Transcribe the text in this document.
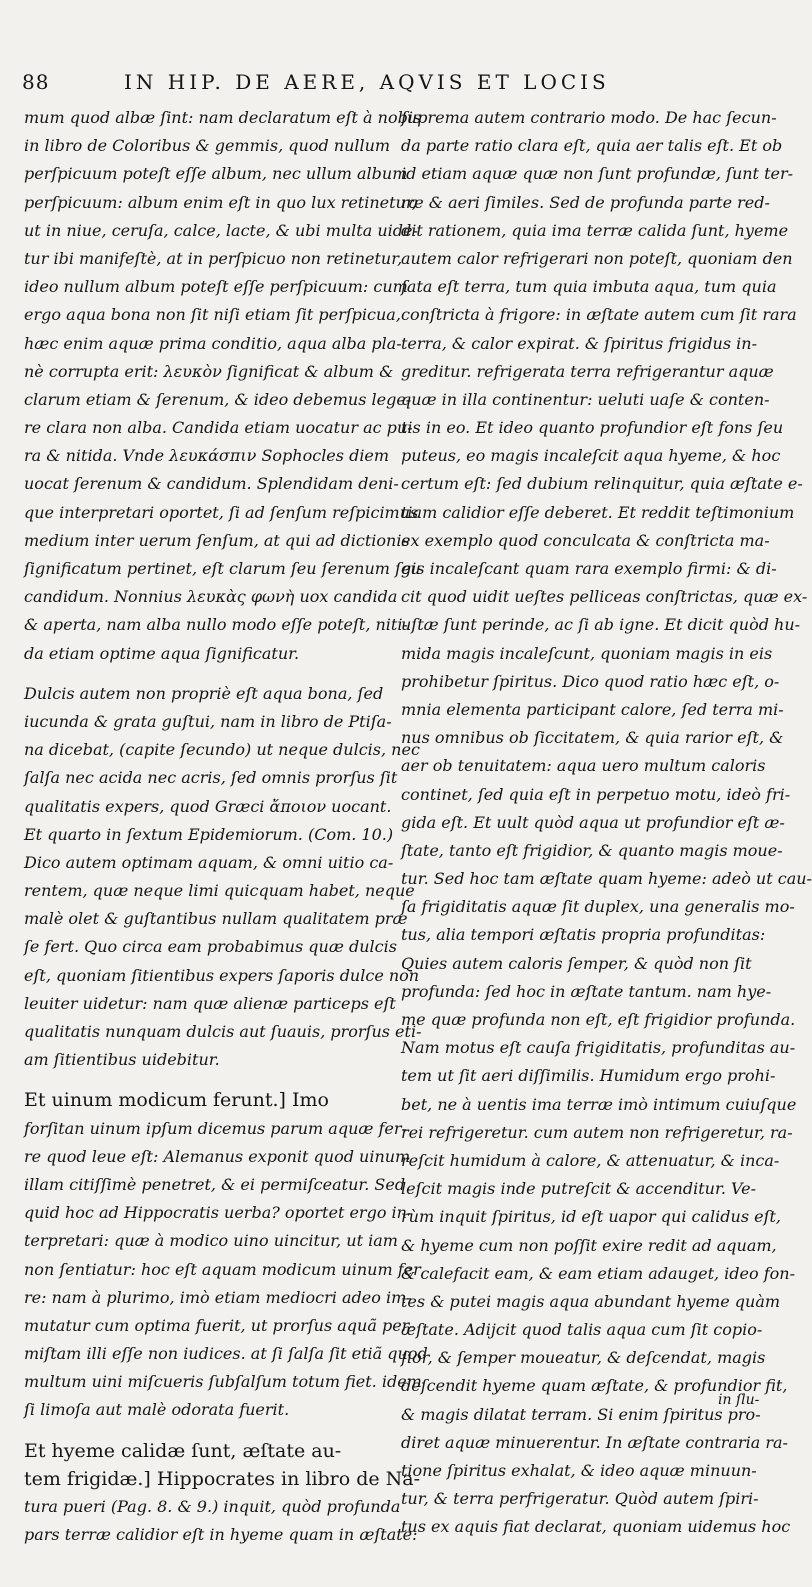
88	IN HIP. DE AERE, AQVIS ET LOCIS
mum quod albæ ſint: nam declaratum eſt à nobis
in libro de Coloribus & gemmis, quod nullum
perſpicuum poteſt eſſe album, nec ullum album
perſpicuum: album enim eſt in quo lux retinetur,
ut in niue, ceruſa, calce, lacte, & ubi multa uide-
tur ibi manifeſtè, at in perſpicuo non retinetur,
ideo nullum album poteſt eſſe perſpicuum: cum
ergo aqua bona non ſit niſi etiam ſit perſpicua,
hæc enim aquæ prima conditio, aqua alba pla-
nè corrupta erit: λευκὸν ſignificat & album &
clarum etiam & ſerenum, & ideo debemus lege-
re clara non alba. Candida etiam uocatur ac pu-
ra & nitida. Vnde λευκάσπιν Sophocles diem
uocat ſerenum & candidum. Splendidam deni-
que interpretari oportet, ſi ad ſenſum reſpicimus
medium inter uerum ſenſum, at qui ad dictionis
ſignificatum pertinet, eſt clarum ſeu ſerenum ſeu
candidum. Nonnius λευκὰς φωνὴ uox candida
& aperta, nam alba nullo modo eſſe poteſt, niti-
da etiam optime aqua ſignificatur.
Dulcis autem non propriè eſt aqua bona, ſed
iucunda & grata guſtui, nam in libro de Ptiſa-
na dicebat, (capite ſecundo) ut neque dulcis, nec
ſalſa nec acida nec acris, ſed omnis prorſus ſit
qualitatis expers, quod Græci ἄποιον uocant.
Et quarto in ſextum Epidemiorum. (Com. 10.)
Dico autem optimam aquam, & omni uitio ca-
rentem, quæ neque limi quicquam habet, neque
malè olet & guſtantibus nullam qualitatem præ
ſe fert. Quo circa eam probabimus quæ dulcis
eſt, quoniam ſitientibus expers ſaporis dulce non
leuiter uidetur: nam quæ alienæ particeps eſt
qualitatis nunquam dulcis aut ſuauis, prorſus eti-
am ſitientibus uidebitur.
Et uinum modicum ferunt.] Imo
forſitan uinum ipſum dicemus parum aquæ fer-
re quod leue eſt: Alemanus exponit quod uinum
illam citiſſimè penetret, & ei permiſceatur. Sed
quid hoc ad Hippocratis uerba? oportet ergo in-
terpretari: quæ à modico uino uincitur, ut iam
non ſentiatur: hoc eſt aquam modicum uinum fer
re: nam à plurimo, imò etiam mediocri adeo im-
mutatur cum optima fuerit, ut prorſus aquã per-
miſtam illi eſſe non iudices. at ſi ſalſa ſit etiã quod
multum uini miſcueris ſubſalſum totum fiet. idem
ſi limoſa aut malè odorata fuerit.
Et hyeme calidæ ſunt, æſtate au-
tem frigidæ.] Hippocrates in libro de Na-
tura pueri (Pag. 8. & 9.) inquit, quòd profunda
pars terræ calidior eſt in hyeme quam in æſtate:
ſuprema autem contrario modo. De hac ſecun-
da parte ratio clara eſt, quia aer talis eſt. Et ob
id etiam aquæ quæ non ſunt profundæ, ſunt ter-
ræ & aeri ſimiles. Sed de profunda parte red-
dit rationem, quia ima terræ calida ſunt, hyeme
autem calor refrigerari non poteſt, quoniam den
ſata eſt terra, tum quia imbuta aqua, tum quia
conſtricta à frigore: in æſtate autem cum ſit rara
terra, & calor expirat. & ſpiritus frigidus in-
greditur. refrigerata terra refrigerantur aquæ
quæ in illa continentur: ueluti uaſe & conten-
tis in eo. Et ideo quanto profundior eſt fons ſeu
puteus, eo magis incaleſcit aqua hyeme, & hoc
certum eſt: ſed dubium relinquitur, quia æſtate e-
tiam calidior eſſe deberet. Et reddit teſtimonium
ex exemplo quod conculcata & conſtricta ma-
gis incaleſcant quam rara exemplo firmi: & di-
cit quod uidit ueſtes pelliceas conſtrictas, quæ ex-
uſtæ ſunt perinde, ac ſi ab igne. Et dicit quòd hu-
mida magis incaleſcunt, quoniam magis in eis
prohibetur ſpiritus. Dico quod ratio hæc eſt, o-
mnia elementa participant calore, ſed terra mi-
nus omnibus ob ſiccitatem, & quia rarior eſt, &
aer ob tenuitatem: aqua uero multum caloris
continet, ſed quia eſt in perpetuo motu, ideò fri-
gida eſt. Et uult quòd aqua ut profundior eſt æ-
ſtate, tanto eſt frigidior, & quanto magis moue-
tur. Sed hoc tam æſtate quam hyeme: adeò ut cau-
ſa frigiditatis aquæ ſit duplex, una generalis mo-
tus, alia tempori æſtatis propria profunditas:
Quies autem caloris ſemper, & quòd non ſit
profunda: ſed hoc in æſtate tantum. nam hye-
me quæ profunda non eſt, eſt frigidior profunda.
Nam motus eſt cauſa frigiditatis, profunditas au-
tem ut ſit aeri diſſimilis. Humidum ergo prohi-
bet, ne à uentis ima terræ imò intimum cuiuſque
rei refrigeretur. cum autem non refrigeretur, ra-
reſcit humidum à calore, & attenuatur, & inca-
leſcit magis inde putreſcit & accenditur. Ve-
rùm inquit ſpiritus, id eſt uapor qui calidus eſt,
& hyeme cum non poſſit exire redit ad aquam,
& calefacit eam, & eam etiam adauget, ideo fon-
tes & putei magis aqua abundant hyeme quàm
æſtate. Adijcit quod talis aqua cum ſit copio-
ſior, & ſemper moueatur, & deſcendat, magis
deſcendit hyeme quam æſtate, & profundior fit,
& magis dilatat terram. Si enim ſpiritus pro-
diret aquæ minuerentur. In æſtate contraria ra-
tione ſpiritus exhalat, & ideo aquæ minuun-
tur, & terra perfrigeratur. Quòd autem ſpiri-
tus ex aquis fiat declarat, quoniam uidemus hoc
in ſlu-
